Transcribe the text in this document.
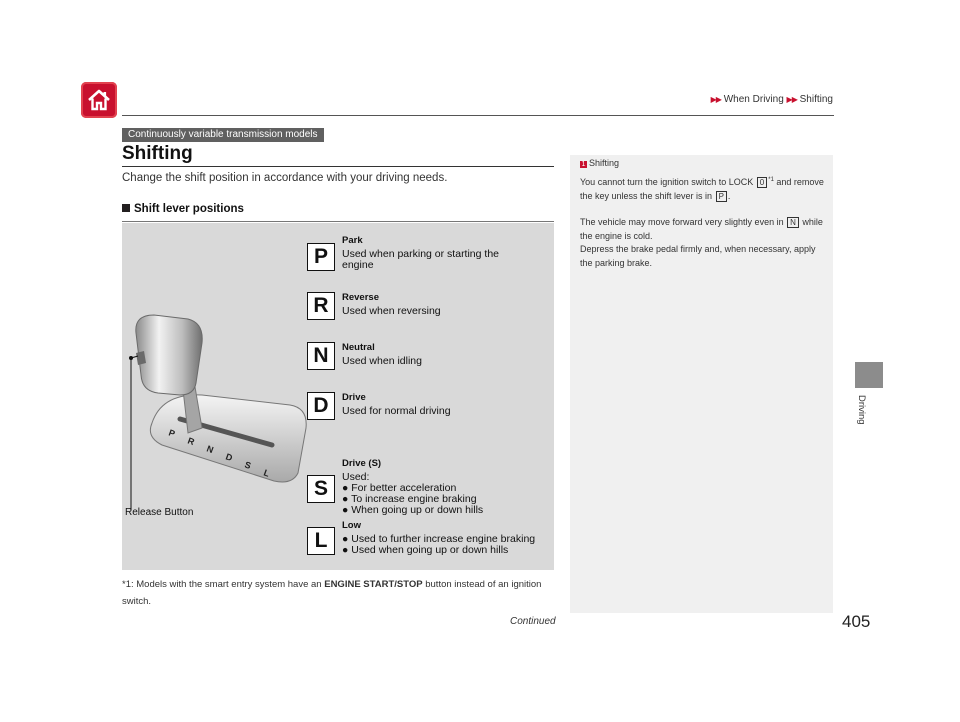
▶▶ When Driving ▶▶ Shifting
Continuously variable transmission models
Shifting
Change the shift position in accordance with your driving needs.
Shift lever positions
P
R
N
D
S
L
P
Park
Used when parking or starting the
engine
R	Reverse
Used when reversing
N	Neutral
Used when idling
D	Drive
Used for normal driving
S
Drive (S)
Used:
● For better acceleration
● To increase engine braking
● When going up or down hills
L
Low
● Used to further increase engine braking
● Used when going up or down hills
Release Button
*1: Models with the smart entry system have an ENGINE START/STOP button instead of an ignition switch.
1 Shifting
You cannot turn the ignition switch to LOCK 0 $^{*1}$ and remove the key unless the shift lever is in P .
The vehicle may move forward very slightly even in N while the engine is cold.
Depress the brake pedal firmly and, when necessary, apply the parking brake.
Driving
Continued	405
